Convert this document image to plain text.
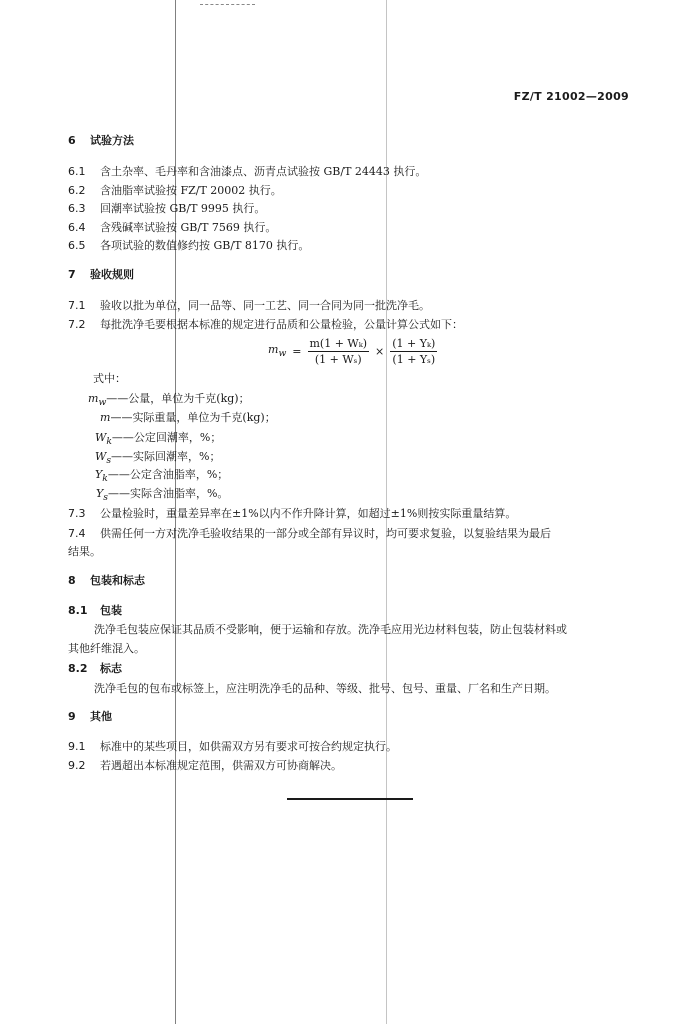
FZ/T 21002—2009
6 试验方法
6.1 含土杂率、毛丹率和含油漆点、沥青点试验按 GB/T 24443 执行。
6.2 含油脂率试验按 FZ/T 20002 执行。
6.3 回潮率试验按 GB/T 9995 执行。
6.4 含残碱率试验按 GB/T 7569 执行。
6.5 各项试验的数值修约按 GB/T 8170 执行。
7 验收规则
7.1 验收以批为单位，同一品等、同一工艺、同一合同为同一批洗净毛。
7.2 每批洗净毛要根据本标准的规定进行品质和公量检验，公量计算公式如下：
$m_w = \frac{\text{m(1 + Wₖ)}}{\text{(1 + Wₛ)}} \times \frac{\text{(1 + Yₖ)}}{\text{(1 + Yₛ)}}$
式中：
$m_w——$公量，单位为千克(kg)；
m——实际重量，单位为千克(kg)；
$W_k——$公定回潮率，%；
$W_s——$实际回潮率，%；
$Y_k——$公定含油脂率，%；
$Y_s——$实际含油脂率，%。
7.3 公量检验时，重量差异率在±1%以内不作升降计算，如超过±1%则按实际重量结算。
7.4 供需任何一方对洗净毛验收结果的一部分或全部有异议时，均可要求复验，以复验结果为最后
结果。
8 包装和标志
8.1 包装
洗净毛包装应保证其品质不受影响，便于运输和存放。洗净毛应用光边材料包装，防止包装材料或
其他纤维混入。
8.2 标志
洗净毛包的包布或标签上，应注明洗净毛的品种、等级、批号、包号、重量、厂名和生产日期。
9 其他
9.1 标准中的某些项目，如供需双方另有要求可按合约规定执行。
9.2 若遇超出本标准规定范围，供需双方可协商解决。
